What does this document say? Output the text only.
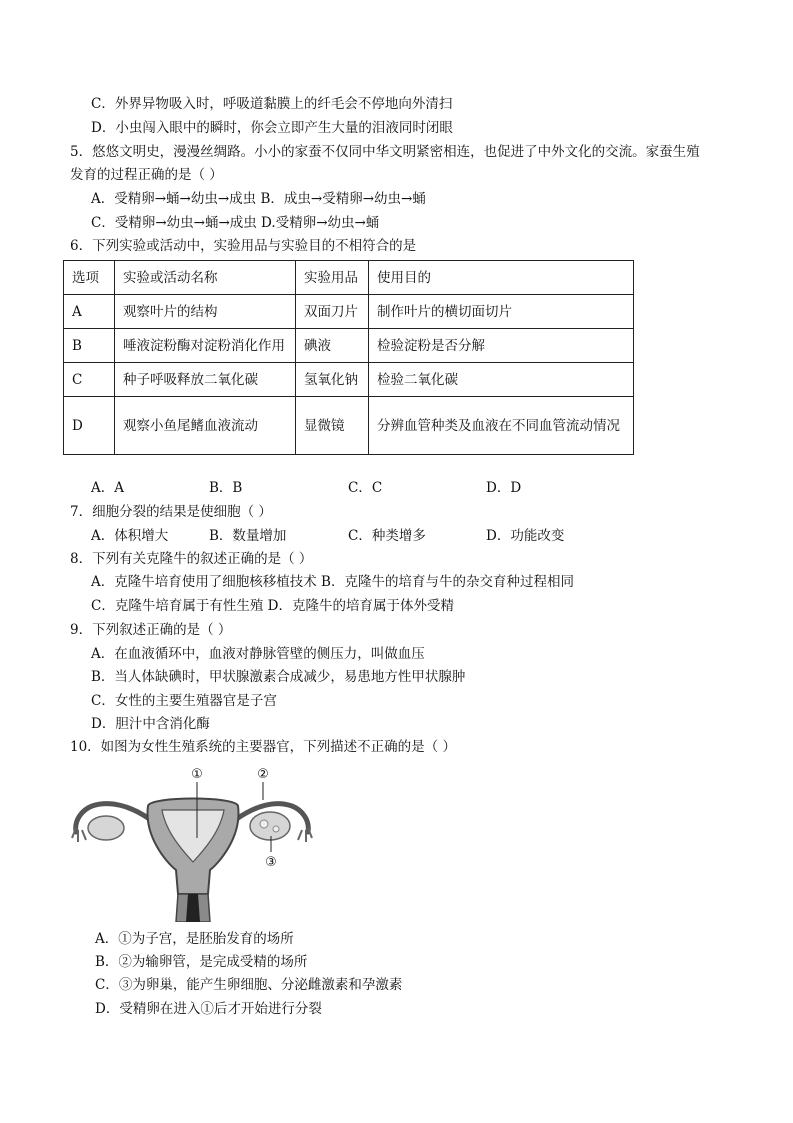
C．外界异物吸入时，呼吸道黏膜上的纤毛会不停地向外清扫
D．小虫闯入眼中的瞬时，你会立即产生大量的泪液同时闭眼
5．悠悠文明史，漫漫丝绸路。小小的家蚕不仅同中华文明紧密相连，也促进了中外文化的交流。家蚕生殖
发育的过程正确的是（ ）
A．受精卵→蛹→幼虫→成虫 B．成虫→受精卵→幼虫→蛹
C．受精卵→幼虫→蛹→成虫 D.受精卵→幼虫→蛹
6．下列实验或活动中，实验用品与实验目的不相符合的是
选项	实验或活动名称	实验用品	使用目的
A	观察叶片的结构	双面刀片	制作叶片的横切面切片
B	唾液淀粉酶对淀粉消化作用	碘液	检验淀粉是否分解
C	种子呼吸释放二氧化碳	氢氧化钠	检验二氧化碳
D	观察小鱼尾鳍血液流动	显微镜	分辨血管种类及血液在不同血管流动情况
A．A	B．B	C．C	D．D
7．细胞分裂的结果是使细胞（ ）
A．体积增大	B．数量增加	C．种类增多	D．功能改变
8．下列有关克隆牛的叙述正确的是（ ）
A．克隆牛培育使用了细胞核移植技术 B．克隆牛的培育与牛的杂交育种过程相同
C．克隆牛培育属于有性生殖 D．克隆牛的培育属于体外受精
9．下列叙述正确的是（ ）
A．在血液循环中，血液对静脉管壁的侧压力，叫做血压
B．当人体缺碘时，甲状腺激素合成减少，易患地方性甲状腺肿
C．女性的主要生殖器官是子宫
D．胆汁中含消化酶
10．如图为女性生殖系统的主要器官，下列描述不正确的是（ ）
①	②
③
A．①为子宫，是胚胎发育的场所
B．②为输卵管，是完成受精的场所
C．③为卵巢，能产生卵细胞、分泌雌激素和孕激素
D．受精卵在进入①后才开始进行分裂
